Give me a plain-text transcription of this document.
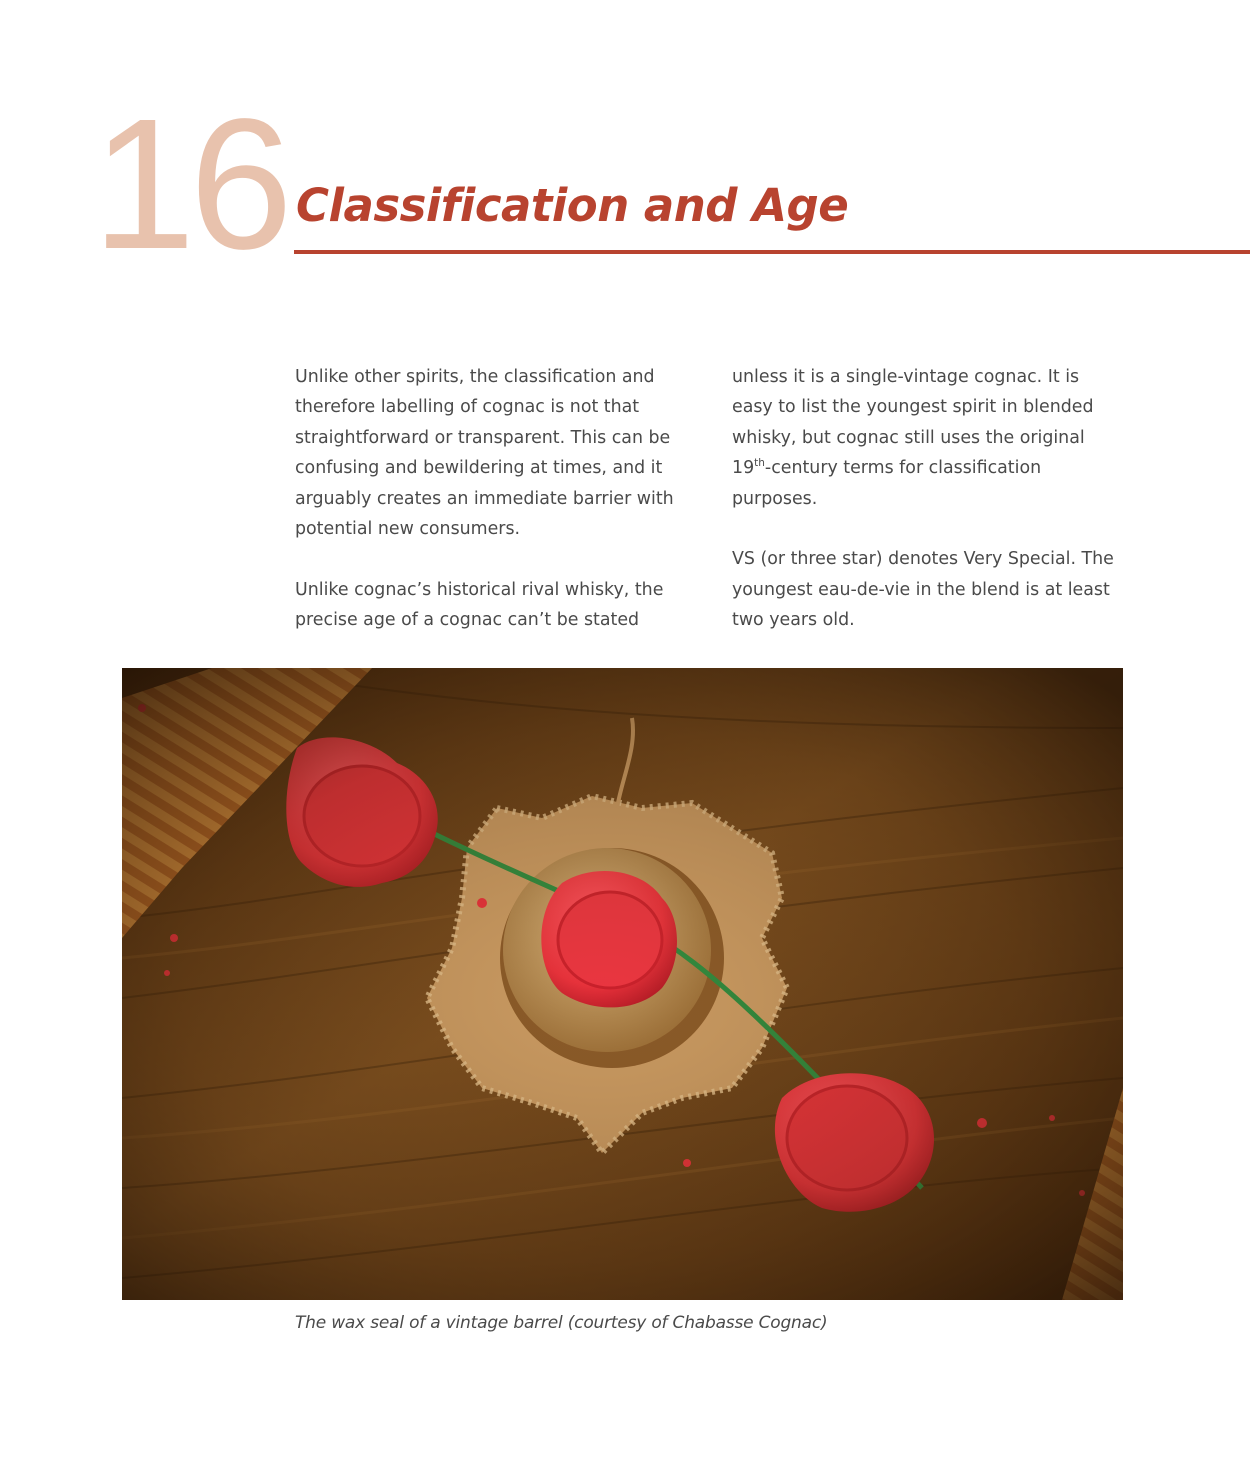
16 Classification and Age

Unlike other spirits, the classification and therefore labelling of cognac is not that straightforward or transparent. This can be confusing and bewildering at times, and it arguably creates an immediate barrier with potential new consumers.

Unlike cognac’s historical rival whisky, the precise age of a cognac can’t be stated

unless it is a single-vintage cognac. It is easy to list the youngest spirit in blended whisky, but cognac still uses the original 19th-century terms for classification purposes.

VS (or three star) denotes Very Special. The youngest eau-de-vie in the blend is at least two years old.

The wax seal of a vintage barrel (courtesy of Chabasse Cognac)
